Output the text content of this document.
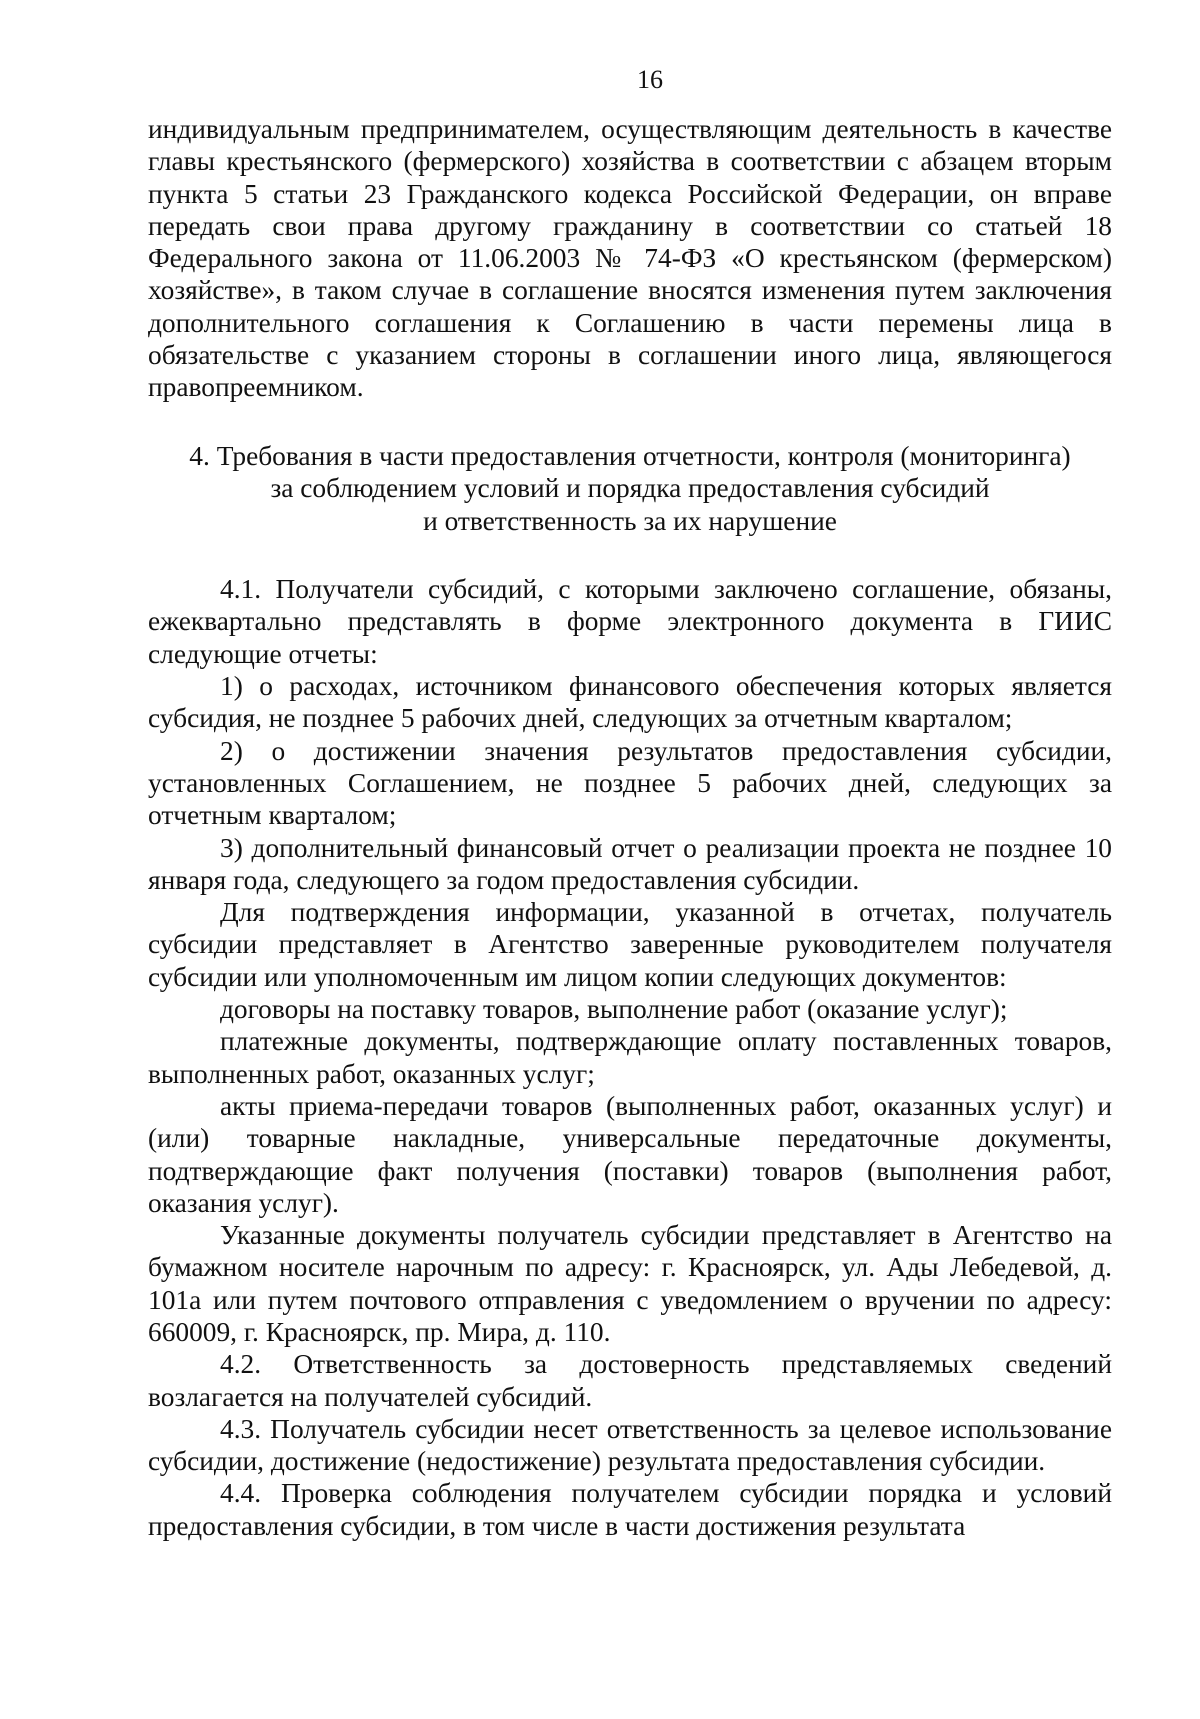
16

индивидуальным предпринимателем, осуществляющим деятельность в качестве главы крестьянского (фермерского) хозяйства в соответствии с абзацем вторым пункта 5 статьи 23 Гражданского кодекса Российской Федерации, он вправе передать свои права другому гражданину в соответствии со статьей 18 Федерального закона от 11.06.2003 № 74-ФЗ «О крестьянском (фермерском) хозяйстве», в таком случае в соглашение вносятся изменения путем заключения дополнительного соглашения к Соглашению в части перемены лица в обязательстве с указанием стороны в соглашении иного лица, являющегося правопреемником.

4. Требования в части предоставления отчетности, контроля (мониторинга)
за соблюдением условий и порядка предоставления субсидий
и ответственность за их нарушение

4.1. Получатели субсидий, с которыми заключено соглашение, обязаны, ежеквартально представлять в форме электронного документа в ГИИС следующие отчеты:

1) о расходах, источником финансового обеспечения которых является субсидия, не позднее 5 рабочих дней, следующих за отчетным кварталом;

2) о достижении значения результатов предоставления субсидии, установленных Соглашением, не позднее 5 рабочих дней, следующих за отчетным кварталом;

3) дополнительный финансовый отчет о реализации проекта не позднее 10 января года, следующего за годом предоставления субсидии.

Для подтверждения информации, указанной в отчетах, получатель субсидии представляет в Агентство заверенные руководителем получателя субсидии или уполномоченным им лицом копии следующих документов:

договоры на поставку товаров, выполнение работ (оказание услуг);

платежные документы, подтверждающие оплату поставленных товаров, выполненных работ, оказанных услуг;

акты приема-передачи товаров (выполненных работ, оказанных услуг) и (или) товарные накладные, универсальные передаточные документы, подтверждающие факт получения (поставки) товаров (выполнения работ, оказания услуг).

Указанные документы получатель субсидии представляет в Агентство на бумажном носителе нарочным по адресу: г. Красноярск, ул. Ады Лебедевой, д. 101а или путем почтового отправления с уведомлением о вручении по адресу: 660009, г. Красноярск, пр. Мира, д. 110.

4.2. Ответственность за достоверность представляемых сведений возлагается на получателей субсидий.

4.3. Получатель субсидии несет ответственность за целевое использование субсидии, достижение (недостижение) результата предоставления субсидии.

4.4. Проверка соблюдения получателем субсидии порядка и условий предоставления субсидии, в том числе в части достижения результата
